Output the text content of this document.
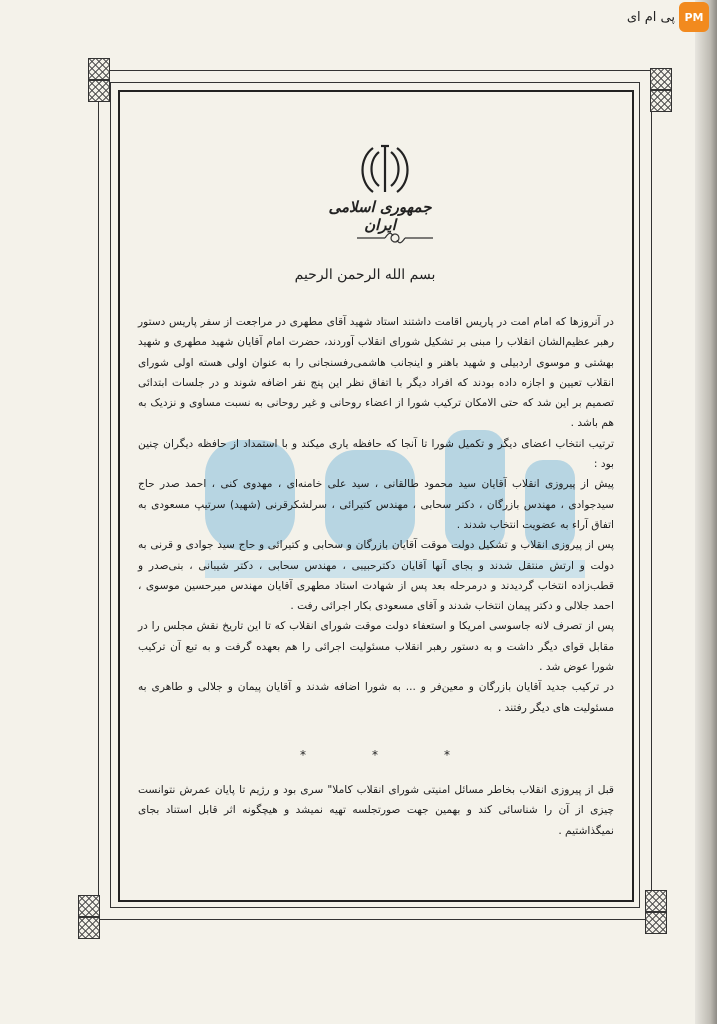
پی ام ای PM
جمهوری اسلامی ایران
بسم الله الرحمن الرحیم

در آنروزها که امام امت در پاریس اقامت داشتند استاد شهید آقای مطهری در مراجعت از سفر پاریس دستور رهبر عظیم‌الشان انقلاب را مبنی بر تشکیل شورای انقلاب آوردند، حضرت امام آقایان شهید مطهری و شهید بهشتی و موسوی اردبیلی و شهید باهنر و اینجانب هاشمی‌رفسنجانی را به عنوان اولی هسته اولی شورای انقلاب تعیین و اجازه داده بودند که افراد دیگر با اتفاق نظر این پنج نفر اضافه شوند و در جلسات ابتدائی تصمیم بر این شد که حتی الامکان ترکیب شورا از اعضاء روحانی و غیر روحانی به نسبت مساوی و نزدیک به هم باشد .

ترتیب انتخاب اعضای دیگر و تکمیل شورا تا آنجا که حافظه یاری میکند و با استمداد از حافظه دیگران چنین بود :

پیش از پیروزی انقلاب آقایان سید محمود طالقانی ، سید علی خامنه‌ای ، مهدوی کنی ، احمد صدر حاج سیدجوادی ، مهندس بازرگان ، دکتر سحابی ، مهندس کتیرائی ، سرلشکرقرنی (شهید) سرتیپ مسعودی به اتفاق آراء به عضویت انتخاب شدند .

پس از پیروزی انقلاب و تشکیل دولت موقت آقایان بازرگان و سحابی و کتیرائی و حاج سید جوادی و قرنی به دولت و ارتش منتقل شدند و بجای آنها آقایان دکترحبیبی ، مهندس سحابی ، دکتر شیبانی ، بنی‌صدر و قطب‌زاده انتخاب گردیدند و درمرحله بعد پس از شهادت استاد مطهری آقایان مهندس میرحسین موسوی ، احمد جلالی و دکتر پیمان انتخاب شدند و آقای مسعودی بکار اجرائی رفت .

پس از تصرف لانه جاسوسی امریکا و استعفاء دولت موقت شورای انقلاب که تا این تاریخ نقش مجلس را در مقابل قوای دیگر داشت و به دستور رهبر انقلاب مسئولیت اجرائی را هم بعهده گرفت و به تبع آن ترکیب شورا عوض شد .

در ترکیب جدید آقایان بازرگان و معین‌فر و ... به شورا اضافه شدند و آقایان پیمان و جلالی و طاهری به مسئولیت های دیگر رفتند .

*	*	*

قبل از پیروزی انقلاب بخاطر مسائل امنیتی شورای انقلاب کاملا" سری بود و رژیم تا پایان عمرش نتوانست چیزی از آن را شناسائی کند و بهمین جهت صورتجلسه تهیه نمیشد و هیچگونه اثر قابل استناد بجای نمیگذاشتیم .
